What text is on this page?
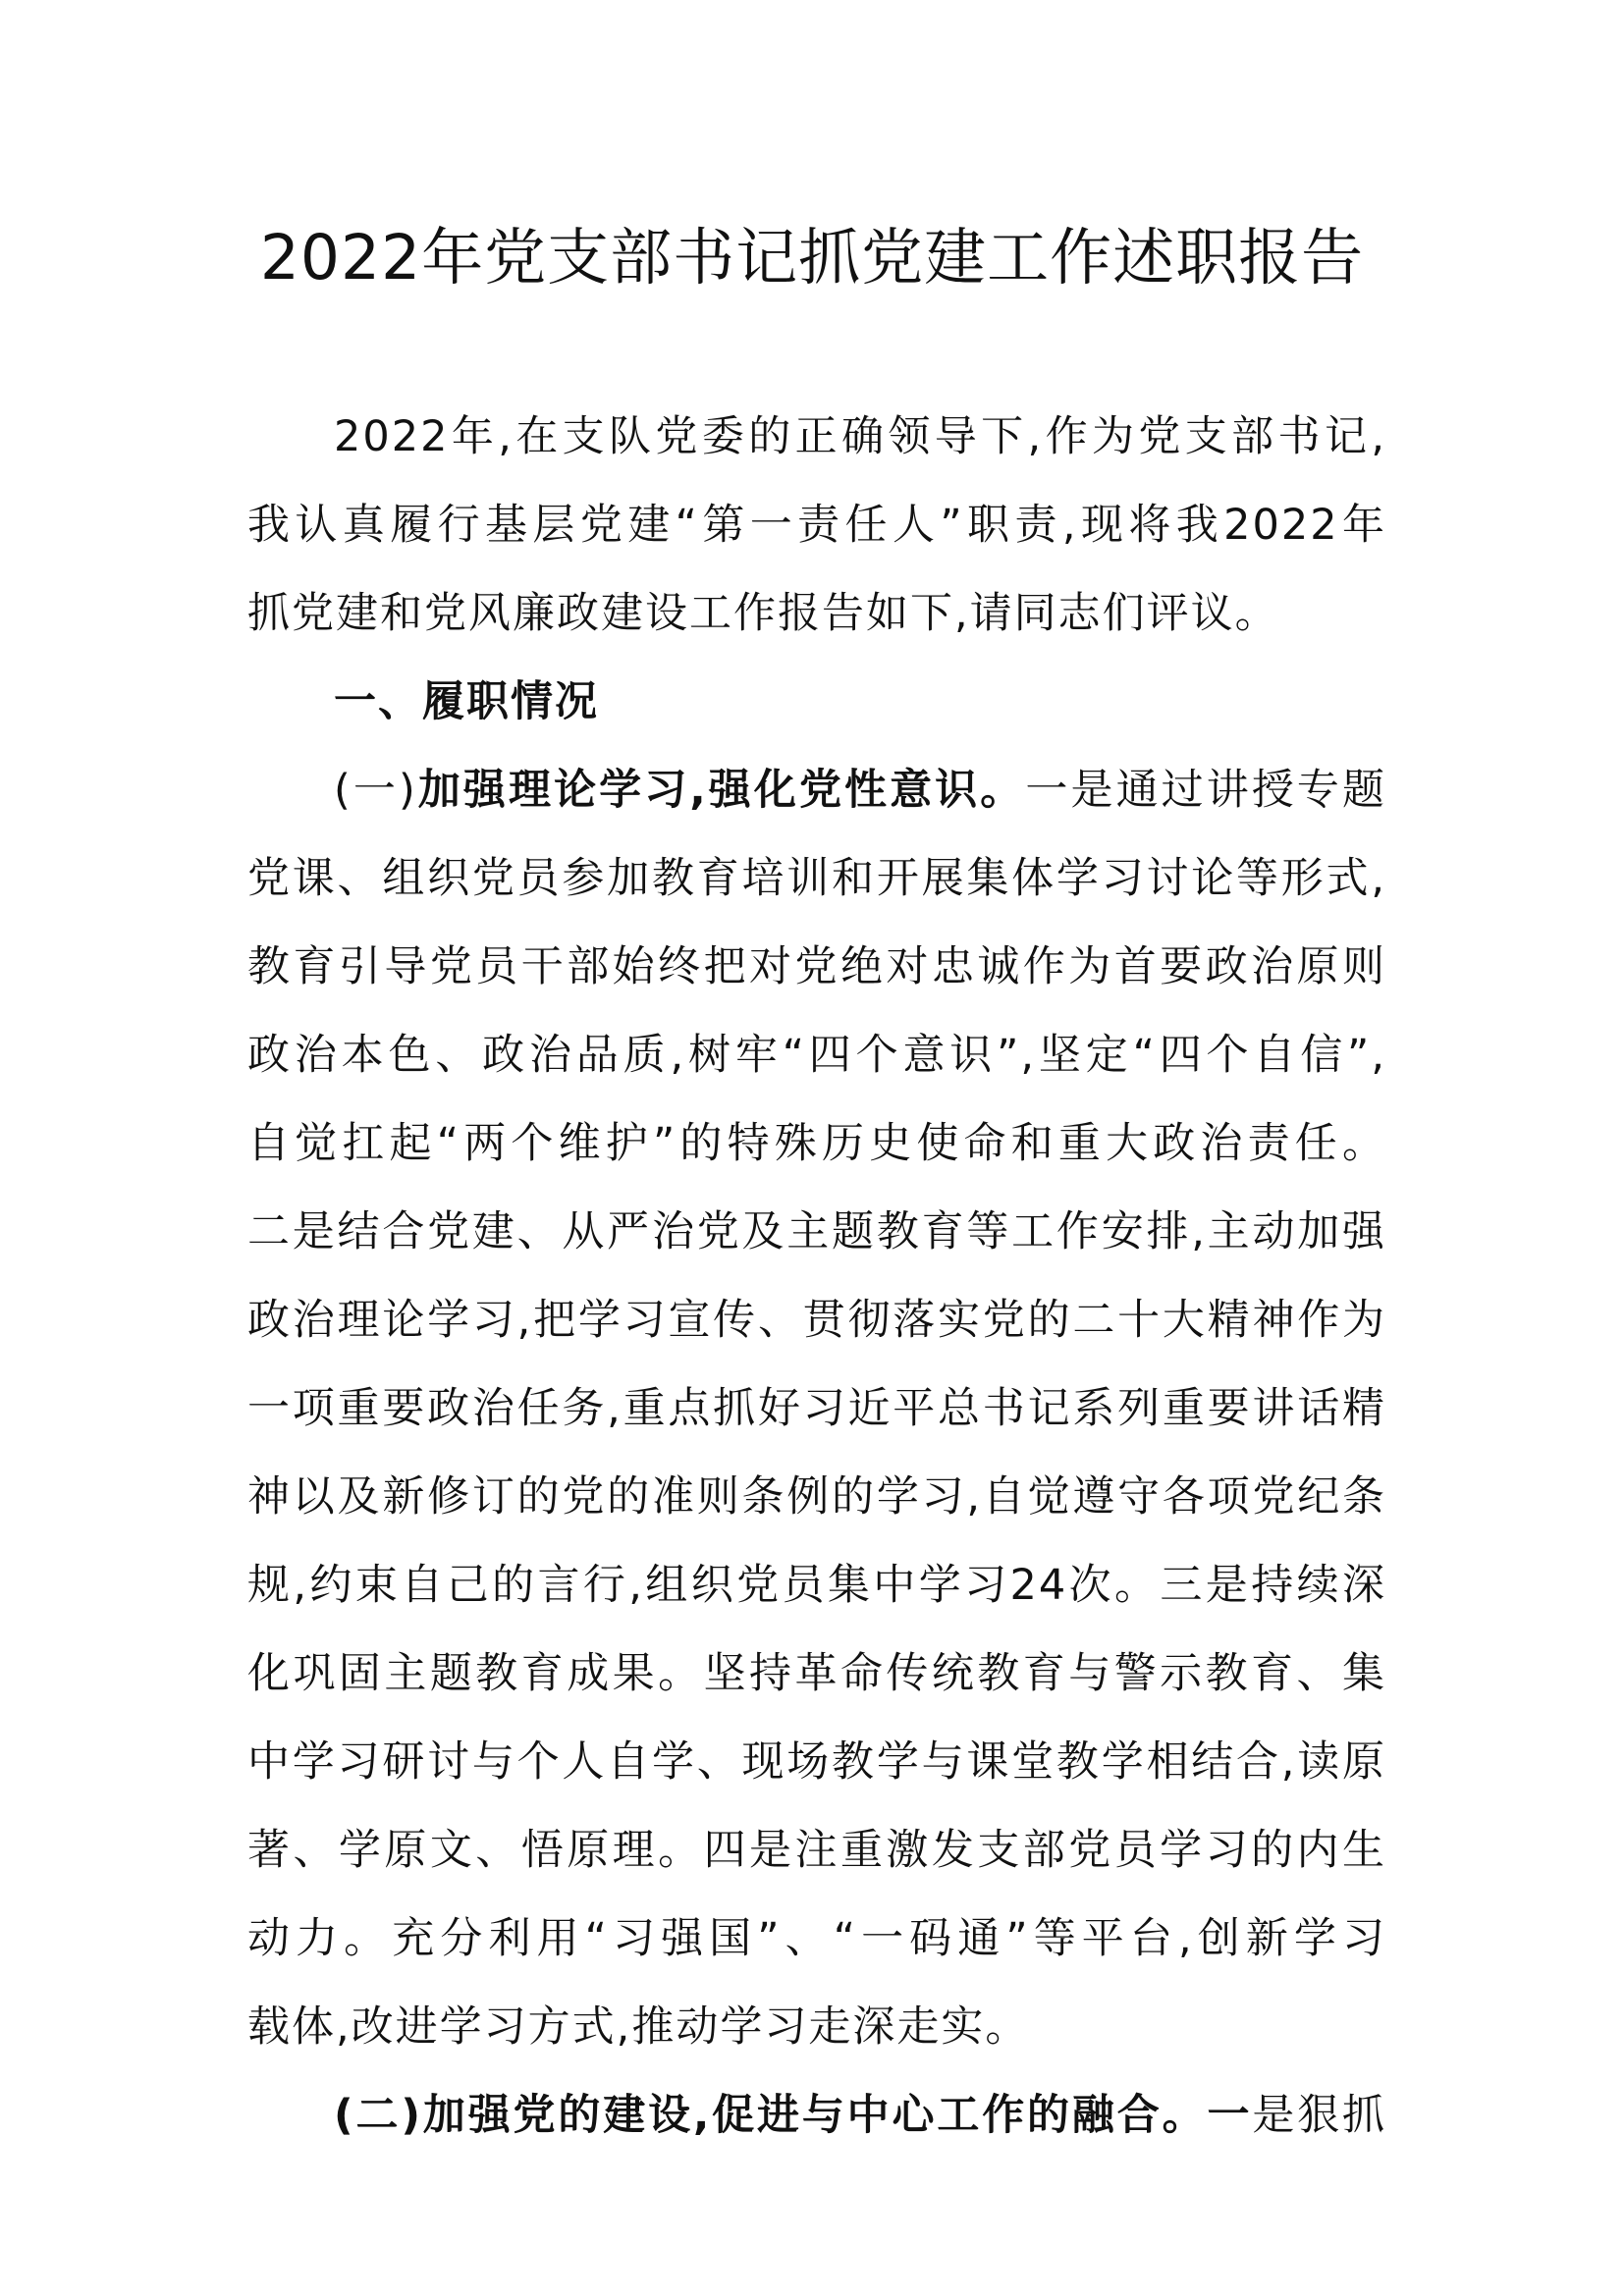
2022年党支部书记抓党建工作述职报告
2022年,在支队党委的正确领导下,作为党支部书记,
我认真履行基层党建“第一责任人”职责,现将我2022年
抓党建和党风廉政建设工作报告如下,请同志们评议。
一、履职情况
(一)加强理论学习,强化党性意识。一是通过讲授专题
党课、组织党员参加教育培训和开展集体学习讨论等形式,
教育引导党员干部始终把对党绝对忠诚作为首要政治原则
政治本色、政治品质,树牢“四个意识”,坚定“四个自信”,
自觉扛起“两个维护”的特殊历史使命和重大政治责任。
二是结合党建、从严治党及主题教育等工作安排,主动加强
政治理论学习,把学习宣传、贯彻落实党的二十大精神作为
一项重要政治任务,重点抓好习近平总书记系列重要讲话精
神以及新修订的党的准则条例的学习,自觉遵守各项党纪条
规,约束自己的言行,组织党员集中学习24次。三是持续深
化巩固主题教育成果。坚持革命传统教育与警示教育、集
中学习研讨与个人自学、现场教学与课堂教学相结合,读原
著、学原文、悟原理。四是注重激发支部党员学习的内生
动力。充分利用“习强国”、“一码通”等平台,创新学习
载体,改进学习方式,推动学习走深走实。
(二)加强党的建设,促进与中心工作的融合。一是狠抓
